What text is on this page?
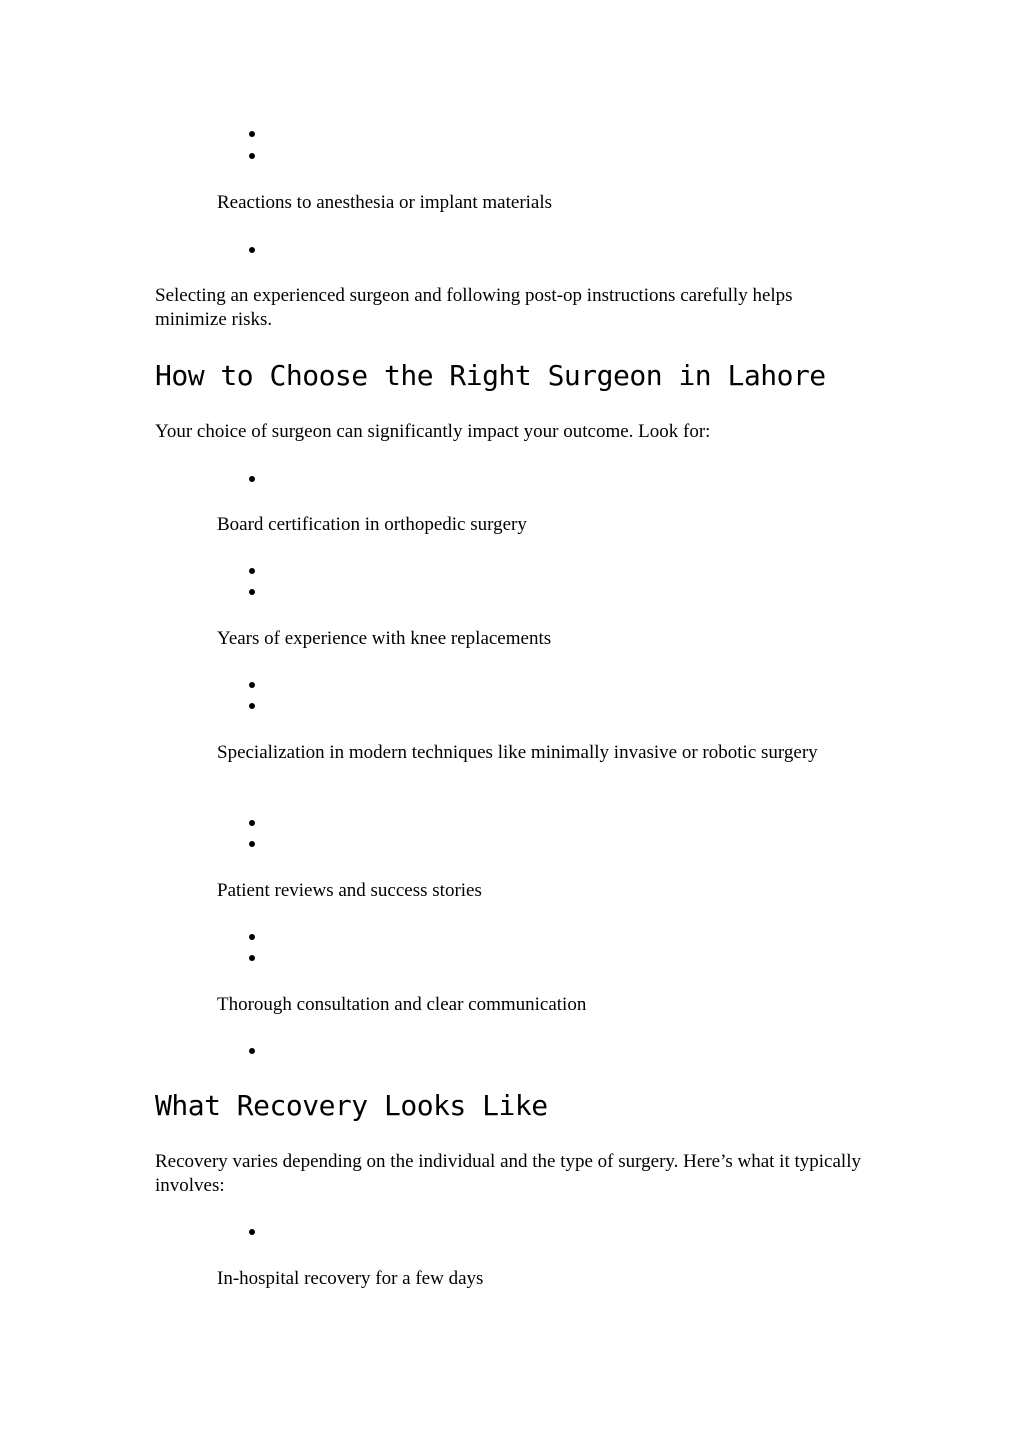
Reactions to anesthesia or implant materials
Selecting an experienced surgeon and following post-op instructions carefully helps minimize risks.
How to Choose the Right Surgeon in Lahore
Your choice of surgeon can significantly impact your outcome. Look for:
Board certification in orthopedic surgery
Years of experience with knee replacements
Specialization in modern techniques like minimally invasive or robotic surgery
Patient reviews and success stories
Thorough consultation and clear communication
What Recovery Looks Like
Recovery varies depending on the individual and the type of surgery. Here’s what it typically involves:
In-hospital recovery for a few days
